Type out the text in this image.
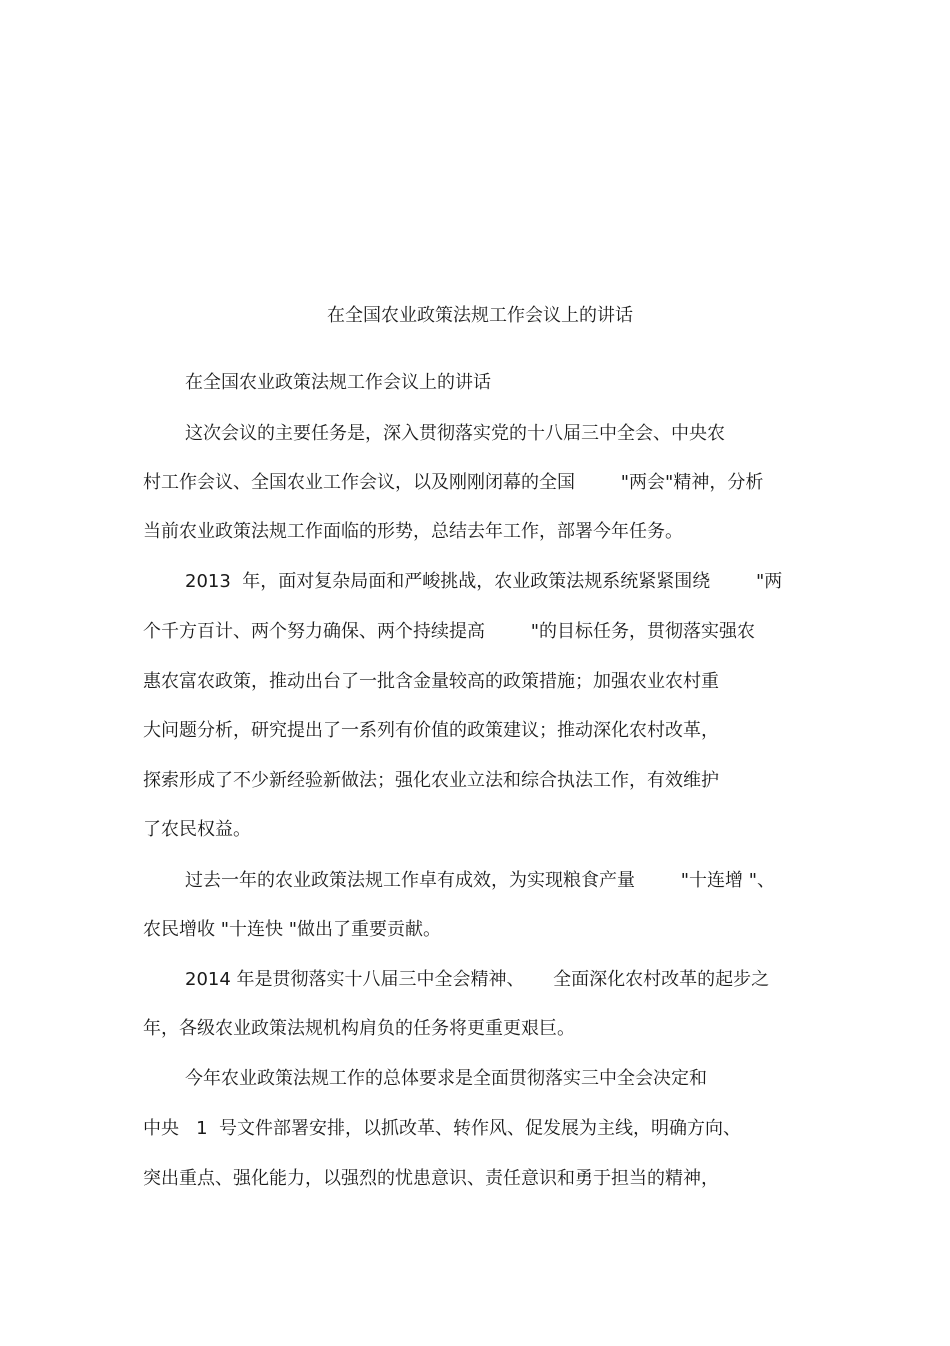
在全国农业政策法规工作会议上的讲话
在全国农业政策法规工作会议上的讲话
这次会议的主要任务是，深入贯彻落实党的十八届三中全会、中央农
村工作会议、全国农业工作会议，以及刚刚闭幕的全国        "两会"精神，分析
当前农业政策法规工作面临的形势，总结去年工作，部署今年任务。
2013  年，面对复杂局面和严峻挑战，农业政策法规系统紧紧围绕        "两
个千方百计、两个努力确保、两个持续提高        "的目标任务，贯彻落实强农
惠农富农政策，推动出台了一批含金量较高的政策措施；加强农业农村重
大问题分析，研究提出了一系列有价值的政策建议；推动深化农村改革，
探索形成了不少新经验新做法；强化农业立法和综合执法工作，有效维护
了农民权益。
过去一年的农业政策法规工作卓有成效，为实现粮食产量        "十连增 "、
农民增收 "十连快 "做出了重要贡献。
2014 年是贯彻落实十八届三中全会精神、     全面深化农村改革的起步之
年，各级农业政策法规机构肩负的任务将更重更艰巨。
今年农业政策法规工作的总体要求是全面贯彻落实三中全会决定和
中央   1  号文件部署安排，以抓改革、转作风、促发展为主线，明确方向、
突出重点、强化能力，以强烈的忧患意识、责任意识和勇于担当的精神，
